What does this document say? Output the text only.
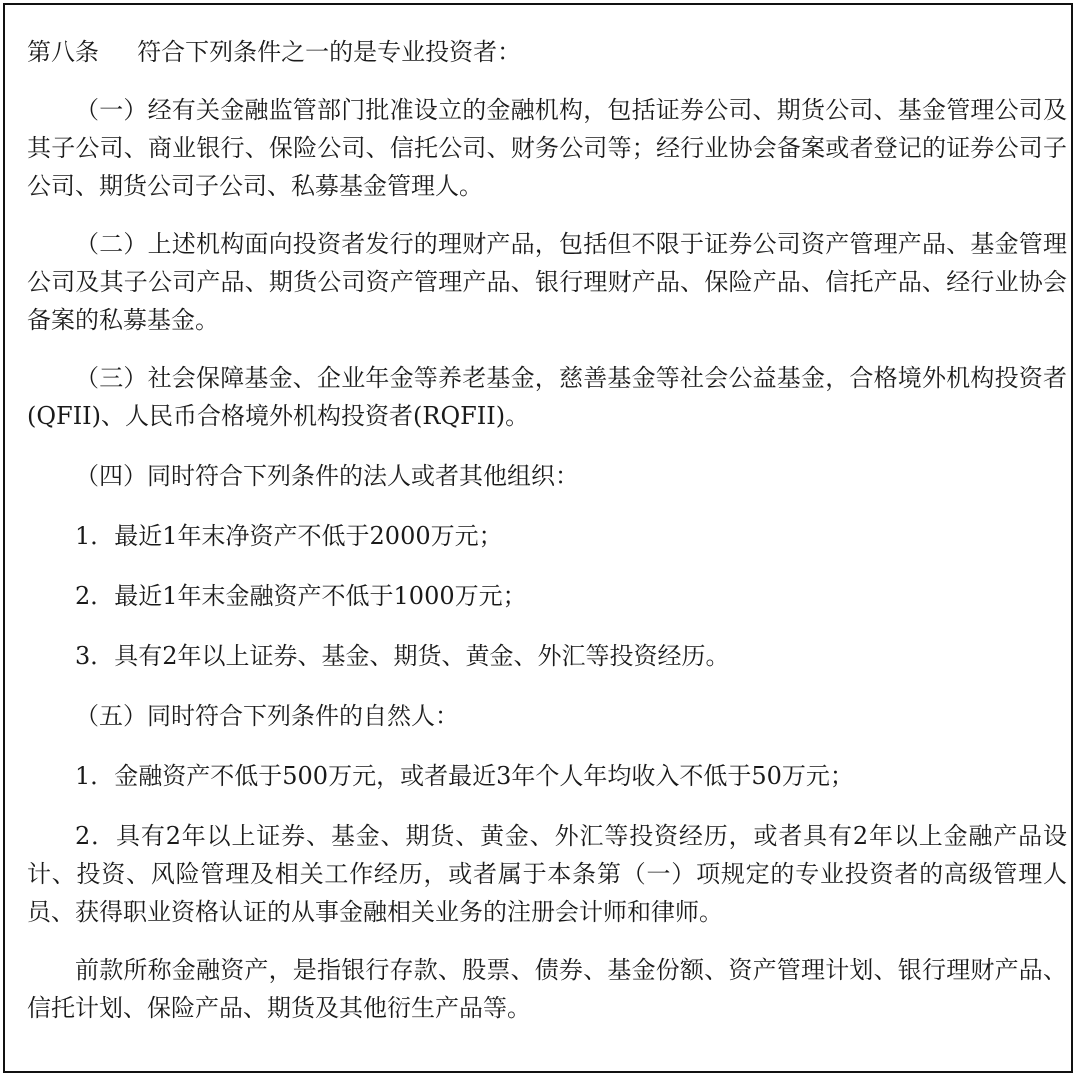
第八条 符合下列条件之一的是专业投资者：

（一）经有关金融监管部门批准设立的金融机构，包括证券公司、期货公司、基金管理公司及其子公司、商业银行、保险公司、信托公司、财务公司等；经行业协会备案或者登记的证券公司子公司、期货公司子公司、私募基金管理人。

（二）上述机构面向投资者发行的理财产品，包括但不限于证券公司资产管理产品、基金管理公司及其子公司产品、期货公司资产管理产品、银行理财产品、保险产品、信托产品、经行业协会备案的私募基金。

（三）社会保障基金、企业年金等养老基金，慈善基金等社会公益基金，合格境外机构投资者(QFII)、人民币合格境外机构投资者(RQFII)。

（四）同时符合下列条件的法人或者其他组织：

1．最近1年末净资产不低于2000万元；

2．最近1年末金融资产不低于1000万元；

3．具有2年以上证券、基金、期货、黄金、外汇等投资经历。

（五）同时符合下列条件的自然人：

1．金融资产不低于500万元，或者最近3年个人年均收入不低于50万元；

2．具有2年以上证券、基金、期货、黄金、外汇等投资经历，或者具有2年以上金融产品设计、投资、风险管理及相关工作经历，或者属于本条第（一）项规定的专业投资者的高级管理人员、获得职业资格认证的从事金融相关业务的注册会计师和律师。

前款所称金融资产，是指银行存款、股票、债券、基金份额、资产管理计划、银行理财产品、信托计划、保险产品、期货及其他衍生产品等。
